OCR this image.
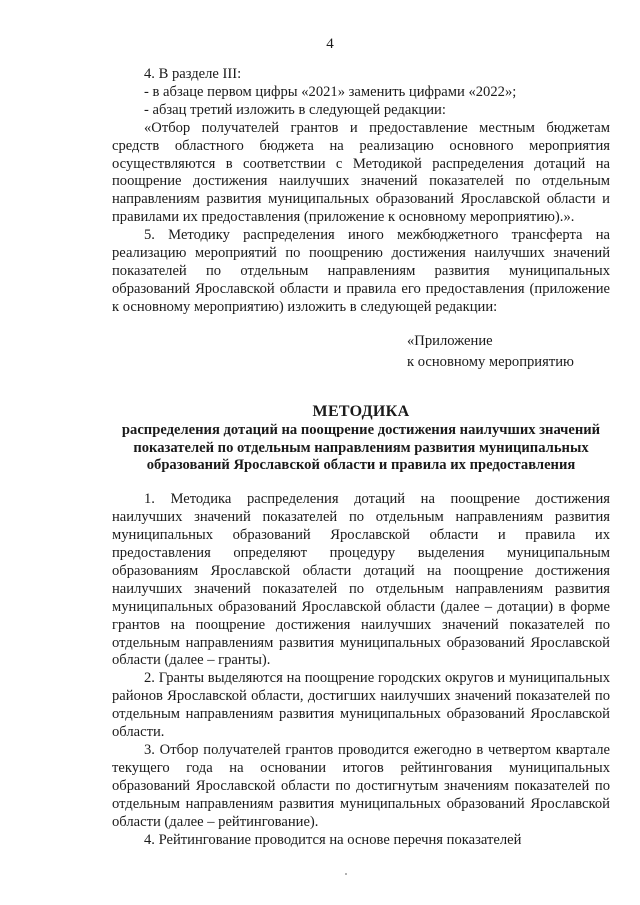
4

4. В разделе III:

- в абзаце первом цифры «2021» заменить цифрами «2022»;

- абзац третий изложить в следующей редакции:

«Отбор получателей грантов и предоставление местным бюджетам средств областного бюджета на реализацию основного мероприятия осуществляются в соответствии с Методикой распределения дотаций на поощрение достижения наилучших значений показателей по отдельным направлениям развития муниципальных образований Ярославской области и правилами их предоставления (приложение к основному мероприятию).».

5. Методику распределения иного межбюджетного трансферта на реализацию мероприятий по поощрению достижения наилучших значений показателей по отдельным направлениям развития муниципальных образований Ярославской области и правила его предоставления (приложение к основному мероприятию) изложить в следующей редакции:

«Приложение
к основному мероприятию
МЕТОДИКА
распределения дотаций на поощрение достижения наилучших значений показателей по отдельным направлениям развития муниципальных образований Ярославской области и правила их предоставления

1. Методика распределения дотаций на поощрение достижения наилучших значений показателей по отдельным направлениям развития муниципальных образований Ярославской области и правила их предоставления определяют процедуру выделения муниципальным образованиям Ярославской области дотаций на поощрение достижения наилучших значений показателей по отдельным направлениям развития муниципальных образований Ярославской области (далее – дотации) в форме грантов на поощрение достижения наилучших значений показателей по отдельным направлениям развития муниципальных образований Ярославской области (далее – гранты).

2. Гранты выделяются на поощрение городских округов и муниципальных районов Ярославской области, достигших наилучших значений показателей по отдельным направлениям развития муниципальных образований Ярославской области.

3. Отбор получателей грантов проводится ежегодно в четвертом квартале текущего года на основании итогов рейтингования муниципальных образований Ярославской области по достигнутым значениям показателей по отдельным направлениям развития муниципальных образований Ярославской области (далее – рейтингование).

4. Рейтингование проводится на основе перечня показателей
